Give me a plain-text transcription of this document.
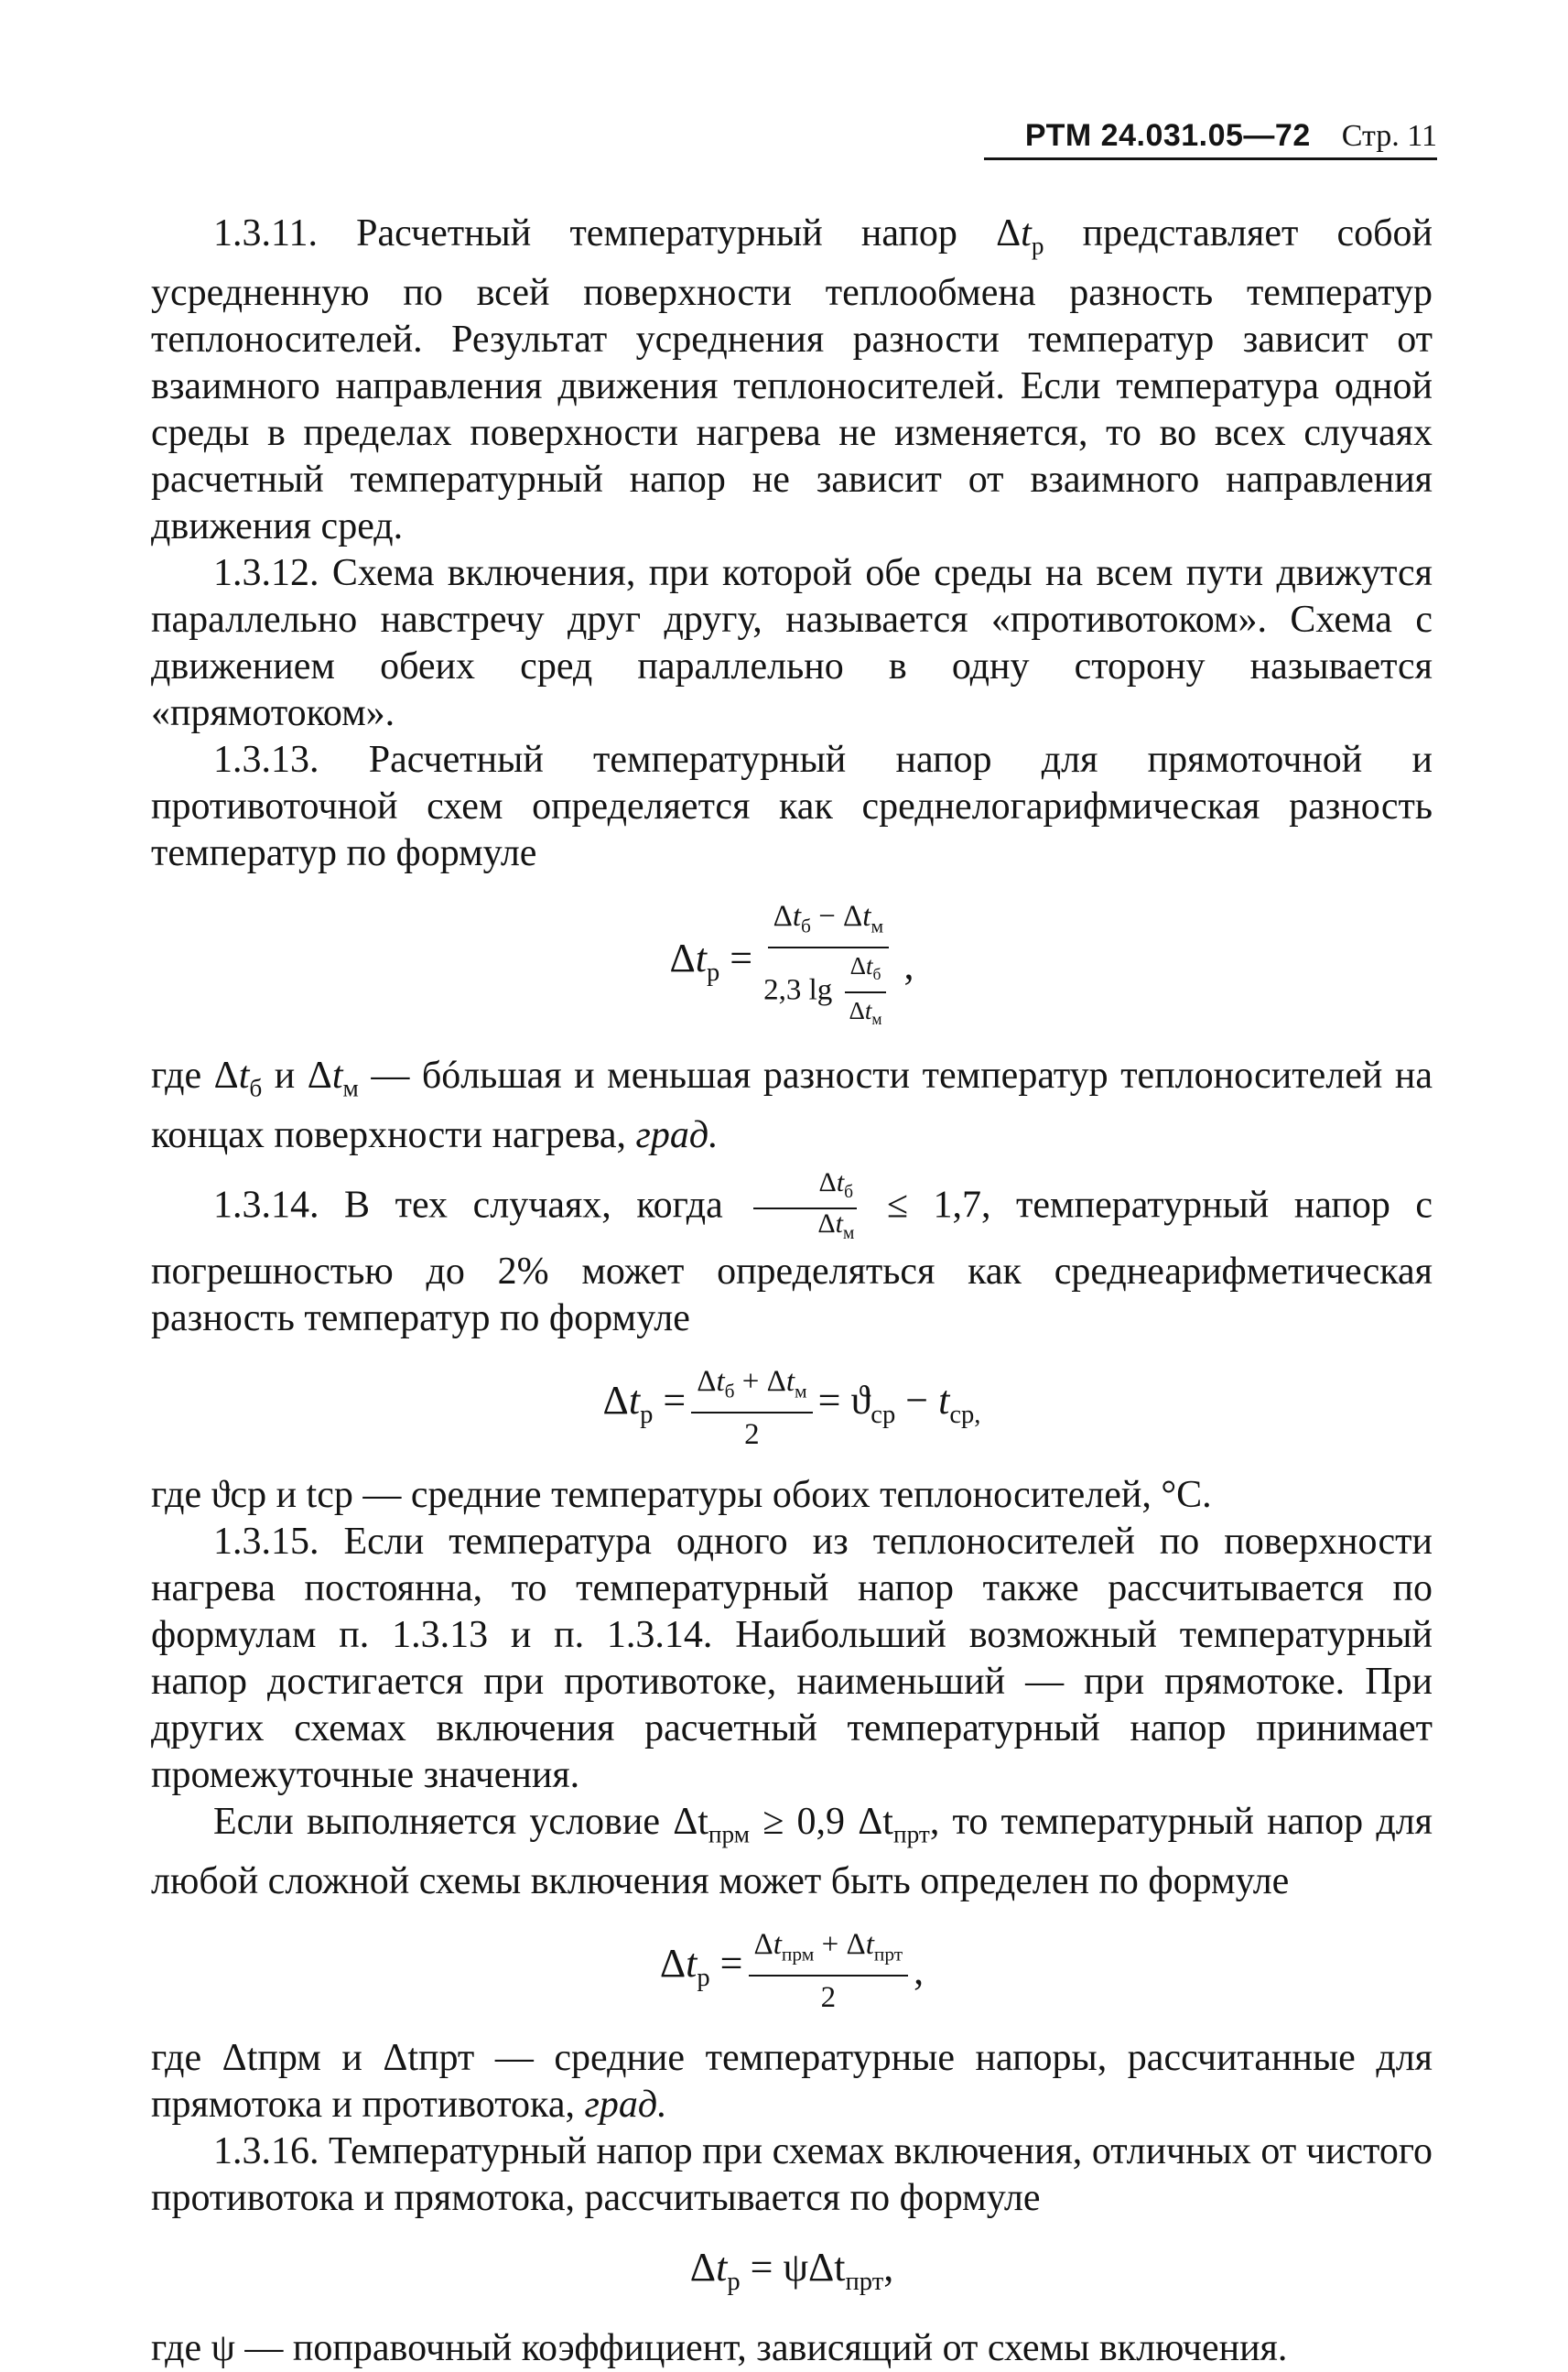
РТМ 24.031.05—72 Стр. 11

1.3.11. Расчетный температурный напор $\Delta t_р$ представляет собой усредненную по всей поверхности теплообмена разность температур теплоносителей. Результат усреднения разности температур зависит от взаимного направления движения теплоносителей. Если температура одной среды в пределах поверхности нагрева не изменяется, то во всех случаях расчетный температурный напор не зависит от взаимного направления движения сред.

1.3.12. Схема включения, при которой обе среды на всем пути движутся параллельно навстречу друг другу, называется «противотоком». Схема с движением обеих сред параллельно в одну сторону называется «прямотоком».

1.3.13. Расчетный температурный напор для прямоточной и противоточной схем определяется как среднелогарифмическая разность температур по формуле

$\Delta t_р = \frac{\Delta t_б - \Delta t_м}{2,3 \lg \frac{\Delta t_б}{\Delta t_м}}$ ,

где $\Delta t_б$ и $\Delta t_м$ — бóльшая и меньшая разности температур теплоносителей на концах поверхности нагрева, град.

1.3.14. В тех случаях, когда $\frac{\Delta t_б}{\Delta t_м} \le 1,7$, температурный напор с погрешностью до 2% может определяться как среднеарифметическая разность температур по формуле

$\Delta t_р = \frac{\Delta t_б + \Delta t_м}{2} = ϑ_{ср} - t_{ср,}$

где ϑср и tср — средние температуры обоих теплоносителей, °С.

1.3.15. Если температура одного из теплоносителей по поверхности нагрева постоянна, то температурный напор также рассчитывается по формулам п. 1.3.13 и п. 1.3.14. Наибольший возможный температурный напор достигается при противотоке, наименьший — при прямотоке. При других схемах включения расчетный температурный напор принимает промежуточные значения.

Если выполняется условие $\Delta t_{прм} \ge 0,9$ $\Delta t_{прт}$, то температурный напор для любой сложной схемы включения может быть определен по формуле

$\Delta t_р = \frac{\Delta t_{прм} + \Delta t_{прт}}{2}$ ,

где Δtпрм и Δtпрт — средние температурные напоры, рассчитанные для прямотока и противотока, град.

1.3.16. Температурный напор при схемах включения, отличных от чистого противотока и прямотока, рассчитывается по формуле

$\Delta t_р = \psi\Delta t_{прт}$,

где ψ — поправочный коэффициент, зависящий от схемы включения.
